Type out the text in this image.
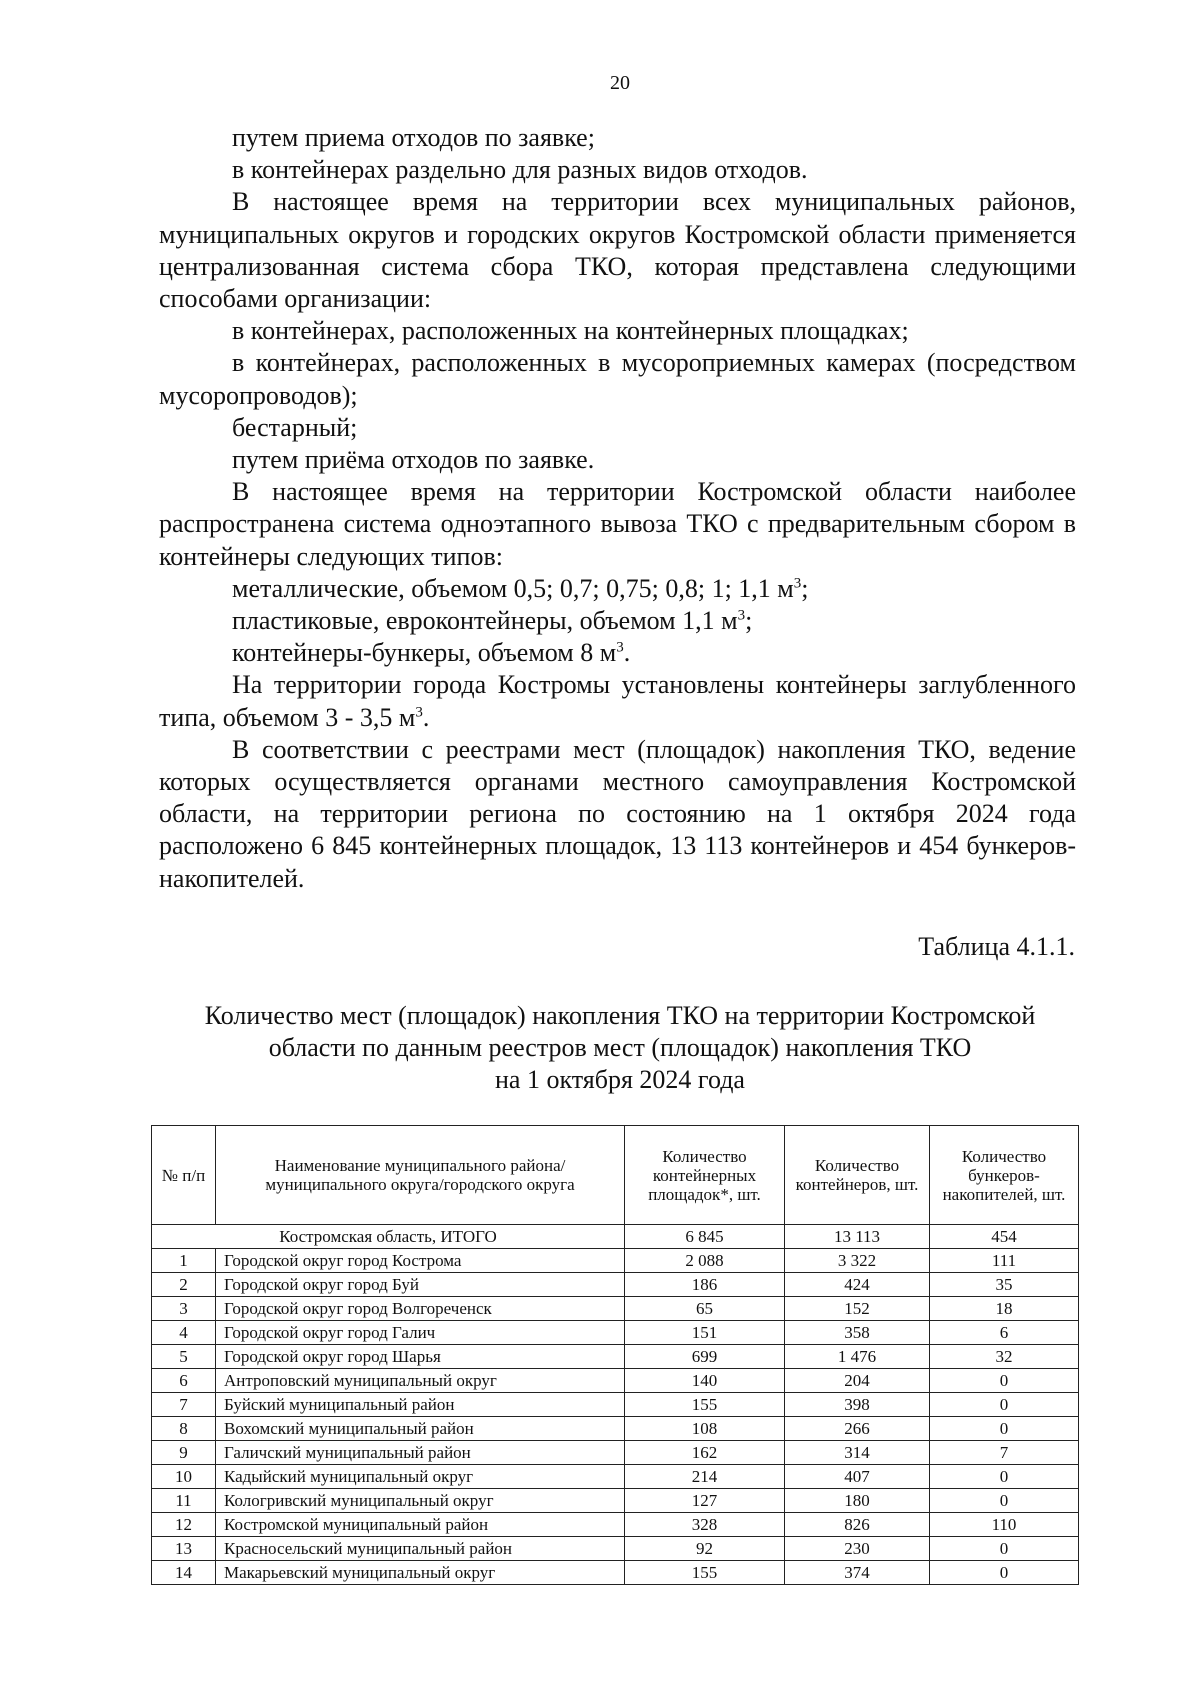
20

путем приема отходов по заявке;

в контейнерах раздельно для разных видов отходов.

В настоящее время на территории всех муниципальных районов, муниципальных округов и городских округов Костромской области применяется централизованная система сбора ТКО, которая представлена следующими способами организации:

в контейнерах, расположенных на контейнерных площадках;

в контейнерах, расположенных в мусороприемных камерах (посредством мусоропроводов);

бестарный;

путем приёма отходов по заявке.

В настоящее время на территории Костромской области наиболее распространена система одноэтапного вывоза ТКО с предварительным сбором в контейнеры следующих типов:

металлические, объемом 0,5; 0,7; 0,75; 0,8; 1; 1,1 $м^3$;

пластиковые, евроконтейнеры, объемом 1,1 $м^3$;

контейнеры-бункеры, объемом 8 $м^3$.

На территории города Костромы установлены контейнеры заглубленного типа, объемом 3 - 3,5 $м^3$.

В соответствии с реестрами мест (площадок) накопления ТКО, ведение которых осуществляется органами местного самоуправления Костромской области, на территории региона по состоянию на 1 октября 2024 года расположено 6 845 контейнерных площадок, 13 113 контейнеров и 454 бункеров-накопителей.

Таблица 4.1.1.
Количество мест (площадок) накопления ТКО на территории Костромской
области по данным реестров мест (площадок) накопления ТКО
на 1 октября 2024 года
№ п/п	Наименование муниципального района/муниципального округа/городского округа	Количество контейнерных площадок*, шт.	Количество контейнеров, шт.	Количество бункеров-накопителей, шт.
Костромская область, ИТОГО		6 845	13 113	454
1	Городской округ город Кострома	2 088	3 322	111
2	Городской округ город Буй	186	424	35
3	Городской округ город Волгореченск	65	152	18
4	Городской округ город Галич	151	358	6
5	Городской округ город Шарья	699	1 476	32
6	Антроповский муниципальный округ	140	204	0
7	Буйский муниципальный район	155	398	0
8	Вохомский муниципальный район	108	266	0
9	Галичский муниципальный район	162	314	7
10	Кадыйский муниципальный округ	214	407	0
11	Кологривский муниципальный округ	127	180	0
12	Костромской муниципальный район	328	826	110
13	Красносельский муниципальный район	92	230	0
14	Макарьевский муниципальный округ	155	374	0
